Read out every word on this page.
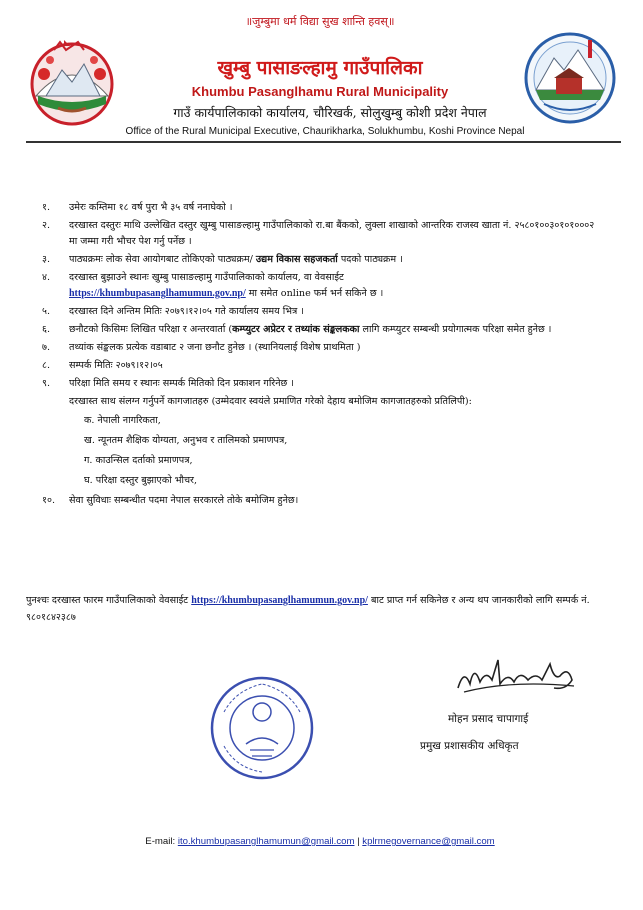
॥जुम्बुमा धर्म विद्या सुख शान्ति हवस्॥
खुम्बु पासाङल्हामु गाउँपालिका
Khumbu Pasanglhamu Rural Municipality
गाउँ कार्यपालिकाको कार्यालय, चौरिखर्क, सोलुखुम्बु कोशी प्रदेश नेपाल
Office of the Rural Municipal Executive, Chaurikharka, Solukhumbu, Koshi Province Nepal
१. उमेरः कम्तिमा १८ वर्ष पुरा भै ३५ वर्ष ननाघेको ।
२. दरखास्त दस्तुरः माथि उल्लेखित दस्तुर खुम्बु पासाङल्हामु गाउँपालिकाको रा.बा बैंकको, लुक्ला शाखाको आन्तरिक राजस्व खाता नं. २५८०१००३०१०१०००२ मा जम्मा गरी भौचर पेश गर्नु पर्नेछ ।
३. पाठ्यक्रमः लोक सेवा आयोगबाट तोकिएको पाठ्यक्रम/ उद्यम विकास सहजकर्ता पदको पाठ्यक्रम ।
४. दरखास्त बुझाउने स्थानः खुम्बु पासाङल्हामु गाउँपालिकाको कार्यालय, वा वेवसाईट
https://khumbupasanglhamumun.gov.np/ मा समेत online फर्म भर्न सकिने छ ।
५. दरखास्त दिने अन्तिम मितिः २०७९।१२।०५ गते कार्यालय समय भित्र ।
६. छनौटको किसिमः लिखित परिक्षा र अन्तरवार्ता (कम्प्युटर अप्रेटर र तथ्यांक संङ्कलकका लागि कम्प्युटर सम्बन्धी प्रयोगात्मक परिक्षा समेत हुनेछ ।
७. तथ्यांक संङ्कलक प्रत्येक वडाबाट २ जना छनौट हुनेछ । (स्थानियलाई विशेष प्राथमिता )
८. सम्पर्क मितिः २०७९।१२।०५
९. परिक्षा मिति समय र स्थानः सम्पर्क मितिको दिन प्रकाशन गरिनेछ ।
दरखास्त साथ संलग्न गर्नुपर्ने कागजातहरु (उम्मेदवार स्वयंले प्रमाणित गरेको देहाय बमोजिम कागजातहरुको प्रतिलिपी):
क. नेपाली नागरिकता,
ख. न्यूनतम शैक्षिक योग्यता, अनुभव र तालिमको प्रमाणपत्र,
ग. काउन्सिल दर्ताको प्रमाणपत्र,
घ. परिक्षा दस्तुर बुझाएको भौचर,
१०. सेवा सुविधाः सम्बन्धीत पदमा नेपाल सरकारले तोके बमोजिम हुनेछ।
पुनश्चः दरखास्त फारम गाउँपालिकाको वेवसाईट https://khumbupasanglhamumun.gov.np/ बाट प्राप्त गर्न सकिनेछ र अन्य थप जानकारीको लागि सम्पर्क नं. ९८०१८४२३८७
मोहन प्रसाद चापागाई
प्रमुख प्रशासकीय अधिकृत
E-mail: ito.khumbupasanglhamumun@gmail.com | kplrmegovernance@gmail.com
